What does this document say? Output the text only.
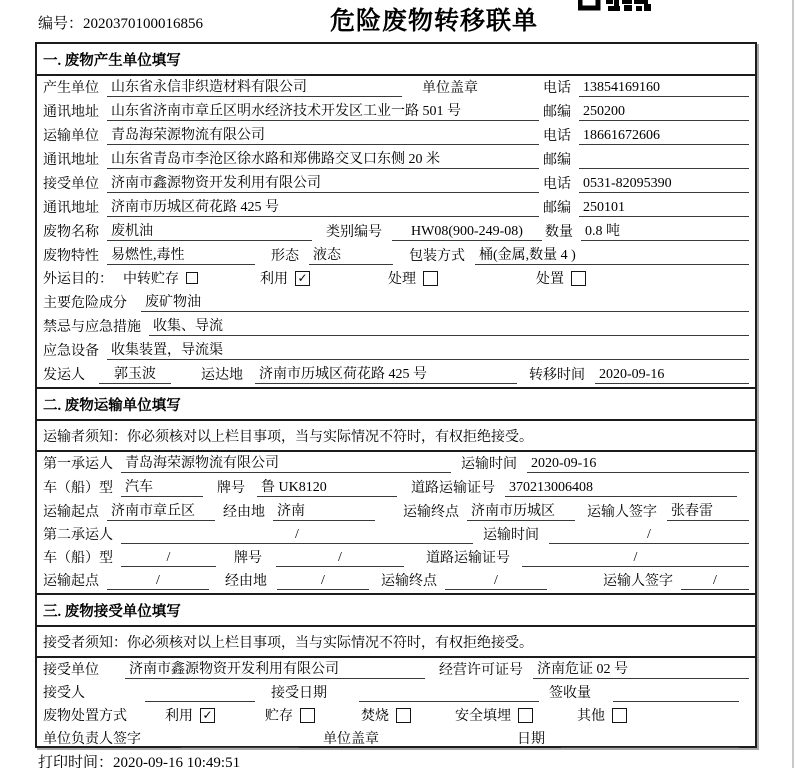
编号：2020370100016856	危险废物转移联单
一. 废物产生单位填写
产生单位 山东省永信非织造材料有限公司	单位盖章	电话 13854169160
通讯地址 山东省济南市章丘区明水经济技术开发区工业一路 501 号	邮编 250200
运输单位 青岛海荣源物流有限公司	电话 18661672606
通讯地址 山东省青岛市李沧区徐水路和郑佛路交叉口东侧 20 米	邮编
接受单位 济南市鑫源物资开发利用有限公司	电话 0531-82095390
通讯地址 济南市历城区荷花路 425 号	邮编 250101
废物名称 废机油	类别编号	HW08(900-249-08)	数量 0.8 吨
废物特性 易燃性,毒性	形态 液态	包装方式 桶(金属,数量 4 )
外运目的： 中转贮存	利用 ✓	处理	处置
主要危险成分 废矿物油
禁忌与应急措施 收集、导流
应急设备 收集装置，导流渠
发运人	郭玉波	运达地 济南市历城区荷花路 425 号	转移时间 2020-09-16
二. 废物运输单位填写
运输者须知：你必须核对以上栏目事项，当与实际情况不符时，有权拒绝接受。
第一承运人 青岛海荣源物流有限公司	运输时间 2020-09-16
车（船）型 汽车	牌号 鲁 UK8120	道路运输证号 370213006408
运输起点 济南市章丘区	经由地 济南	运输终点 济南市历城区	运输人签字 张春雷
第二承运人	/	运输时间	/
车（船）型	/	牌号	/	道路运输证号	/
运输起点	/	经由地	/	运输终点	/	运输人签字	/
三. 废物接受单位填写
接受者须知：你必须核对以上栏目事项，当与实际情况不符时，有权拒绝接受。
接受单位 济南市鑫源物资开发利用有限公司	经营许可证号 济南危证 02 号
接受人	接受日期	签收量
废物处置方式	利用 ✓	贮存	焚烧	安全填埋	其他
单位负责人签字	单位盖章	日期
打印时间：2020-09-16 10:49:51
